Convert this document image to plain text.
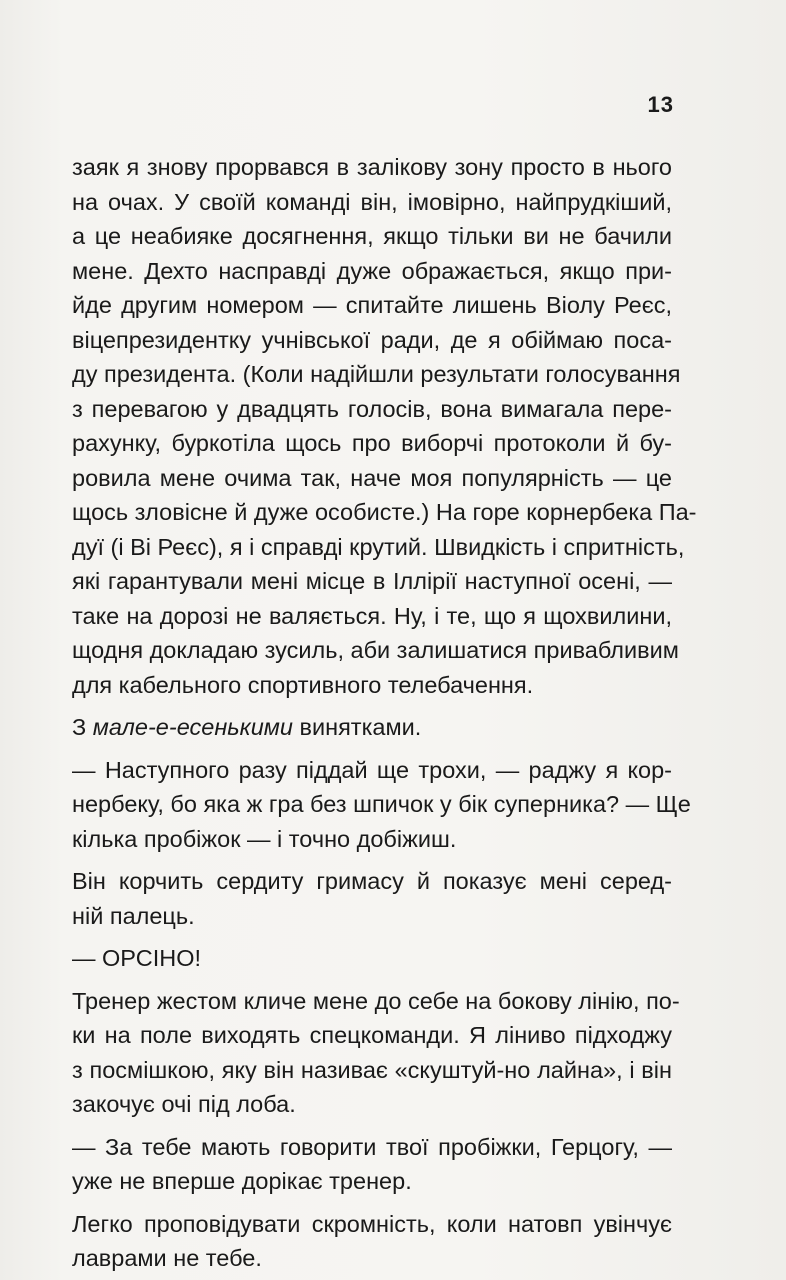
13
заяк я знову прорвався в залікову зону просто в нього
на очах. У своїй команді він, імовірно, найпрудкіший,
а це неабияке досягнення, якщо тільки ви не бачили
мене. Дехто насправді дуже ображається, якщо при-
йде другим номером — спитайте лишень Віолу Реєс,
віцепрезидентку учнівської ради, де я обіймаю поса-
ду президента. (Коли надійшли результати голосування
з перевагою у двадцять голосів, вона вимагала пере-
рахунку, буркотіла щось про виборчі протоколи й бу-
ровила мене очима так, наче моя популярність — це
щось зловісне й дуже особисте.) На горе корнербека Па-
дуї (і Ві Реєс), я і справді крутий. Швидкість і спритність,
які гарантували мені місце в Іллірії наступної осені, —
таке на дорозі не валяється. Ну, і те, що я щохвилини,
щодня докладаю зусиль, аби залишатися привабливим
для кабельного спортивного телебачення.
З мале-е-есенькими винятками.
— Наступного разу піддай ще трохи, — раджу я кор-
нербеку, бо яка ж гра без шпичок у бік суперника? — Ще
кілька пробіжок — і точно добіжиш.
Він корчить сердиту гримасу й показує мені серед-
ній палець.
— ОРСІНО!
Тренер жестом кличе мене до себе на бокову лінію, по-
ки на поле виходять спецкоманди. Я ліниво підходжу
з посмішкою, яку він називає «скуштуй-но лайна», і він
закочує очі під лоба.
— За тебе мають говорити твої пробіжки, Герцогу, —
уже не вперше дорікає тренер.
Легко проповідувати скромність, коли натовп увінчує
лаврами не тебе.
